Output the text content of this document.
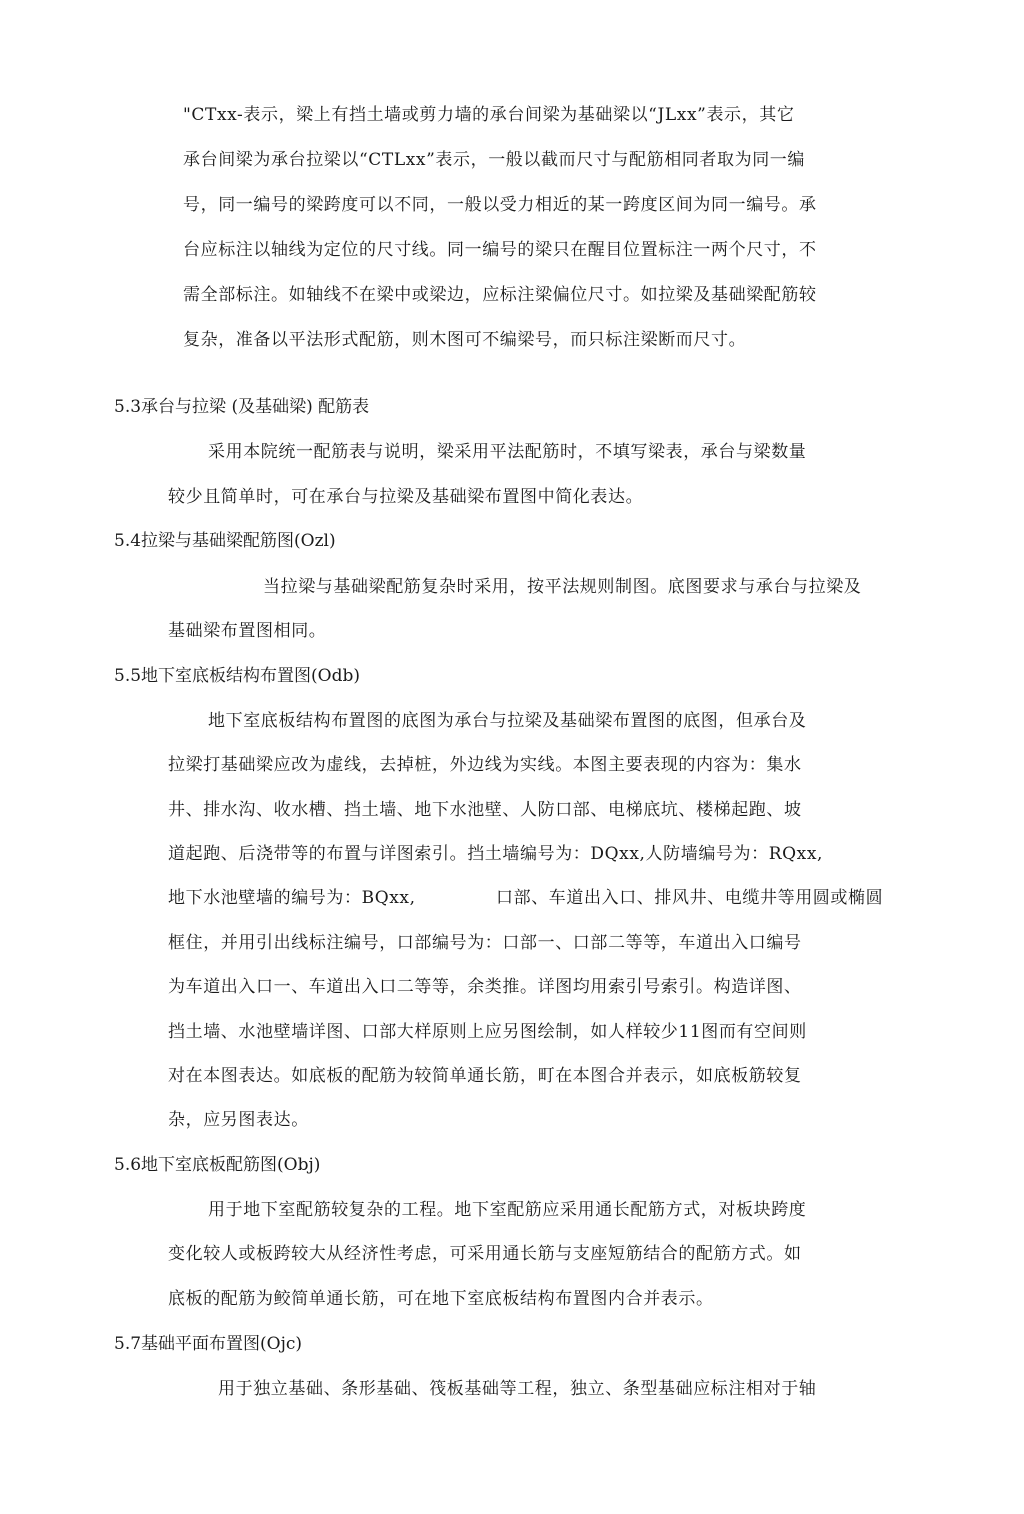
"CTxx-表示，梁上有挡土墙或剪力墙的承台间梁为基础梁以“JLxx”表示，其它
承台间梁为承台拉梁以“CTLxx”表示，一般以截而尺寸与配筋相同者取为同一编
号，同一编号的梁跨度可以不同，一般以受力相近的某一跨度区间为同一编号。承
台应标注以轴线为定位的尺寸线。同一编号的梁只在醒目位置标注一两个尺寸，不
需全部标注。如轴线不在梁中或梁边，应标注梁偏位尺寸。如拉梁及基础梁配筋较
复杂，准备以平法形式配筋，则木图可不编梁号，而只标注梁断而尺寸。
5.3承台与拉梁 (及基础梁) 配筋表
采用本院统一配筋表与说明，梁采用平法配筋时，不填写梁表，承台与梁数量
较少且简单时，可在承台与拉梁及基础梁布置图中简化表达。
5.4拉梁与基础梁配筋图(Ozl)
当拉梁与基础梁配筋复杂时采用，按平法规则制图。底图要求与承台与拉梁及
基础梁布置图相同。
5.5地下室底板结构布置图(Odb)
地下室底板结构布置图的底图为承台与拉梁及基础梁布置图的底图，但承台及
拉梁打基础梁应改为虚线，去掉桩，外边线为实线。本图主要表现的内容为：集水
井、排水沟、收水槽、挡土墙、地下水池壁、人防口部、电梯底坑、楼梯起跑、坡
道起跑、后浇带等的布置与详图索引。挡土墙编号为：DQxx,人防墙编号为：RQxx,
地下水池壁墙的编号为：BQxx,	口部、车道出入口、排风井、电缆井等用圆或椭圆
框住，并用引出线标注编号，口部编号为：口部一、口部二等等，车道出入口编号
为车道出入口一、车道出入口二等等，余类推。详图均用索引号索引。构造详图、
挡土墙、水池壁墙详图、口部大样原则上应另图绘制，如人样较少11图而有空间则
对在本图表达。如底板的配筋为较简单通长筋，町在本图合并表示，如底板筋较复
杂，应另图表达。
5.6地下室底板配筋图(Obj)
用于地下室配筋较复杂的工程。地下室配筋应采用通长配筋方式，对板块跨度
变化较人或板跨较大从经济性考虑，可采用通长筋与支座短筋结合的配筋方式。如
底板的配筋为鲛简单通长筋，可在地下室底板结构布置图内合并表示。
5.7基础平面布置图(Ojc)
用于独立基础、条形基础、筏板基础等工程，独立、条型基础应标注相对于轴
